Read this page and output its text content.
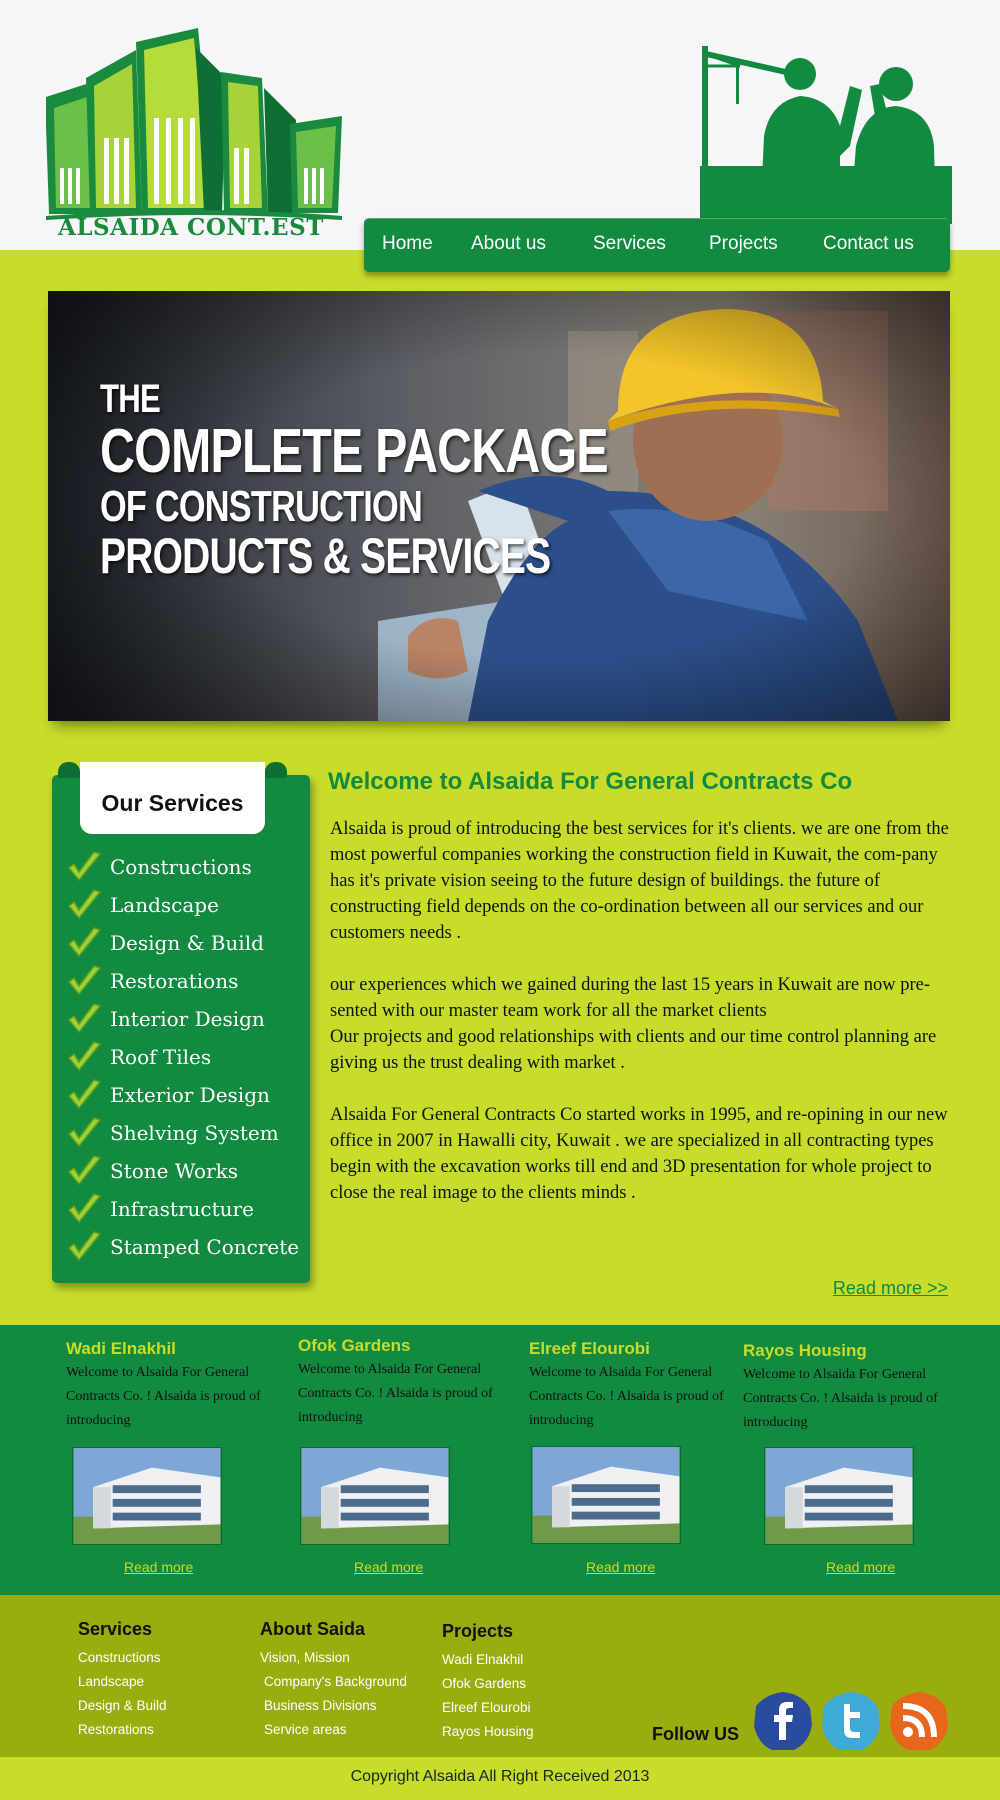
ALSAIDA CONT.EST
Home About us Services Projects Contact us
THE
COMPLETE PACKAGE
OF CONSTRUCTION
PRODUCTS & SERVICES
Our Services
Constructions
Landscape
Design & Build
Restorations
Interior Design
Roof Tiles
Exterior Design
Shelving System
Stone Works
Infrastructure
Stamped Concrete
Welcome to Alsaida For General Contracts Co

Alsaida is proud of introducing the best services for it's clients. we are one from the most powerful companies working the construction field in Kuwait, the com-pany has it's private vision seeing to the future design of buildings. the future of constructing field depends on the co-ordination between all our services and our customers needs .

our experiences which we gained during the last 15 years in Kuwait are now pre-sented with our master team work for all the market clients
Our projects and good relationships with clients and our time control planning are giving us the trust dealing with market .

Alsaida For General Contracts Co started works in 1995, and re-opining in our new office in 2007 in Hawalli city, Kuwait . we are specialized in all contracting types begin with the excavation works till end and 3D presentation for whole project to close the real image to the clients minds .

Read more >>
Wadi Elnakhil
Welcome to Alsaida For General Contracts Co. ! Alsaida is proud of introducing
Ofok Gardens
Welcome to Alsaida For General Contracts Co. ! Alsaida is proud of introducing
Elreef Elourobi
Welcome to Alsaida For General Contracts Co. ! Alsaida is proud of introducing
Rayos Housing
Welcome to Alsaida For General Contracts Co. ! Alsaida is proud of introducing
Read more	Read more	Read more	Read more
Services
Constructions
Landscape
Design & Build
Restorations
About Saida
Vision, Mission
Company's Background
Business Divisions
Service areas
Projects
Wadi Elnakhil
Ofok Gardens
Elreef Elourobi
Rayos Housing	Follow US
Copyright Alsaida All Right Received 2013
